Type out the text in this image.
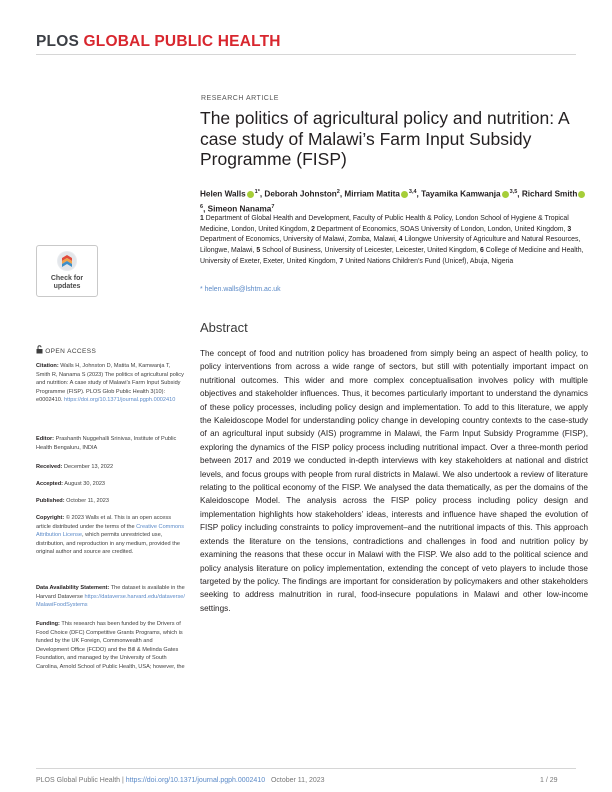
PLOS GLOBAL PUBLIC HEALTH
RESEARCH ARTICLE
The politics of agricultural policy and nutrition: A case study of Malawi’s Farm Input Subsidy Programme (FISP)
Helen Walls $^{1*}$, Deborah Johnston$^2$, Mirriam Matita $^{3,4}$, Tayamika Kamwanja $^{3,5}$, Richard Smith$^6$, Simeon Nanama$^7$
1 Department of Global Health and Development, Faculty of Public Health & Policy, London School of Hygiene & Tropical Medicine, London, United Kingdom, 2 Department of Economics, SOAS University of London, London, United Kingdom, 3 Department of Economics, University of Malawi, Zomba, Malawi, 4 Lilongwe University of Agriculture and Natural Resources, Lilongwe, Malawi, 5 School of Business, University of Leicester, Leicester, United Kingdom, 6 College of Medicine and Health, University of Exeter, Exeter, United Kingdom, 7 United Nations Children’s Fund (Unicef), Abuja, Nigeria
* helen.walls@lshtm.ac.uk
Abstract
The concept of food and nutrition policy has broadened from simply being an aspect of health policy, to policy interventions from across a wide range of sectors, but still with potentially important impact on nutritional outcomes. This wider and more complex conceptualisation involves policy with multiple objectives and stakeholder influences. Thus, it becomes particularly important to understand the dynamics of these policy processes, including policy design and implementation. To add to this literature, we apply the Kaleidoscope Model for understanding policy change in developing country contexts to the case-study of an agricultural input subsidy (AIS) programme in Malawi, the Farm Input Subsidy Programme (FISP), exploring the dynamics of the FISP policy process including nutritional impact. Over a three-month period between 2017 and 2019 we conducted in-depth interviews with key stakeholders at national and district levels, and focus groups with people from rural districts in Malawi. We also undertook a review of literature relating to the political economy of the FISP. We analysed the data thematically, as per the domains of the Kaleidoscope Model. The analysis across the FISP policy process including policy design and implementation highlights how stakeholders’ ideas, interests and influence have shaped the evolution of FISP policy including constraints to policy improvement–and the nutritional impacts of this. This approach extends the literature on the tensions, contradictions and challenges in food and nutrition policy by examining the reasons that these occur in Malawi with the FISP. We also add to the political science and policy analysis literature on policy implementation, extending the concept of veto players to include those targeted by the policy. The findings are important for consideration by policymakers and other stakeholders seeking to address malnutrition in rural, food-insecure populations in Malawi and other low-income settings.
Check for updates
OPEN ACCESS
Citation: Walls H, Johnston D, Matita M, Kamwanja T, Smith R, Nanama S (2023) The politics of agricultural policy and nutrition: A case study of Malawi’s Farm Input Subsidy Programme (FISP). PLOS Glob Public Health 3(10): e0002410. https://doi.org/10.1371/journal.pgph.0002410
Editor: Prashanth Nuggehalli Srinivas, Institute of Public Health Bengaluru, INDIA
Received: December 13, 2022
Accepted: August 30, 2023
Published: October 11, 2023
Copyright: © 2023 Walls et al. This is an open access article distributed under the terms of the Creative Commons Attribution License, which permits unrestricted use, distribution, and reproduction in any medium, provided the original author and source are credited.
Data Availability Statement: The dataset is available in the Harvard Dataverse https://dataverse.harvard.edu/dataverse/MalawiFoodSystems
Funding: This research has been funded by the Drivers of Food Choice (DFC) Competitive Grants Programs, which is funded by the UK Foreign, Commonwealth and Development Office (FCDO) and the Bill & Melinda Gates Foundation, and managed by the University of South Carolina, Arnold School of Public Health, USA; however, the
PLOS Global Public Health | https://doi.org/10.1371/journal.pgph.0002410 October 11, 2023	1 / 29
